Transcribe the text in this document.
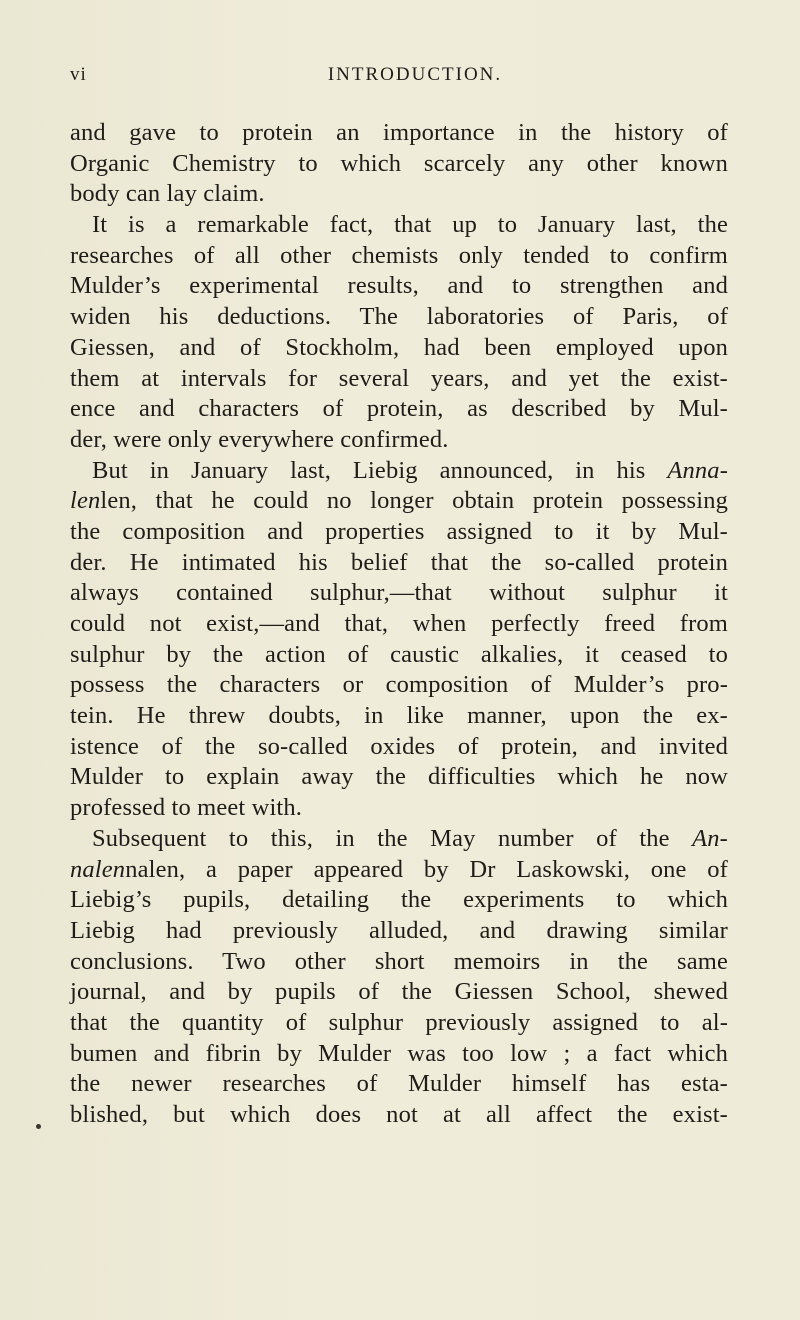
vi	INTRODUCTION.
and gave to protein an importance in the history of
Organic Chemistry to which scarcely any other known
body can lay claim.
It is a remarkable fact, that up to January last, the
researches of all other chemists only tended to confirm
Mulder’s experimental results, and to strengthen and
widen his deductions. The laboratories of Paris, of
Giessen, and of Stockholm, had been employed upon
them at intervals for several years, and yet the exist-
ence and characters of protein, as described by Mul-
der, were only everywhere confirmed.
But in January last, Liebig announced, in his Anna-
lenlen, that he could no longer obtain protein possessing
the composition and properties assigned to it by Mul-
der. He intimated his belief that the so-called protein
always contained sulphur,—that without sulphur it
could not exist,—and that, when perfectly freed from
sulphur by the action of caustic alkalies, it ceased to
possess the characters or composition of Mulder’s pro-
tein. He threw doubts, in like manner, upon the ex-
istence of the so-called oxides of protein, and invited
Mulder to explain away the difficulties which he now
professed to meet with.
Subsequent to this, in the May number of the An-
nalennalen, a paper appeared by Dr Laskowski, one of
Liebig’s pupils, detailing the experiments to which
Liebig had previously alluded, and drawing similar
conclusions. Two other short memoirs in the same
journal, and by pupils of the Giessen School, shewed
that the quantity of sulphur previously assigned to al-
bumen and fibrin by Mulder was too low ; a fact which
the newer researches of Mulder himself has esta-
blished, but which does not at all affect the exist-
